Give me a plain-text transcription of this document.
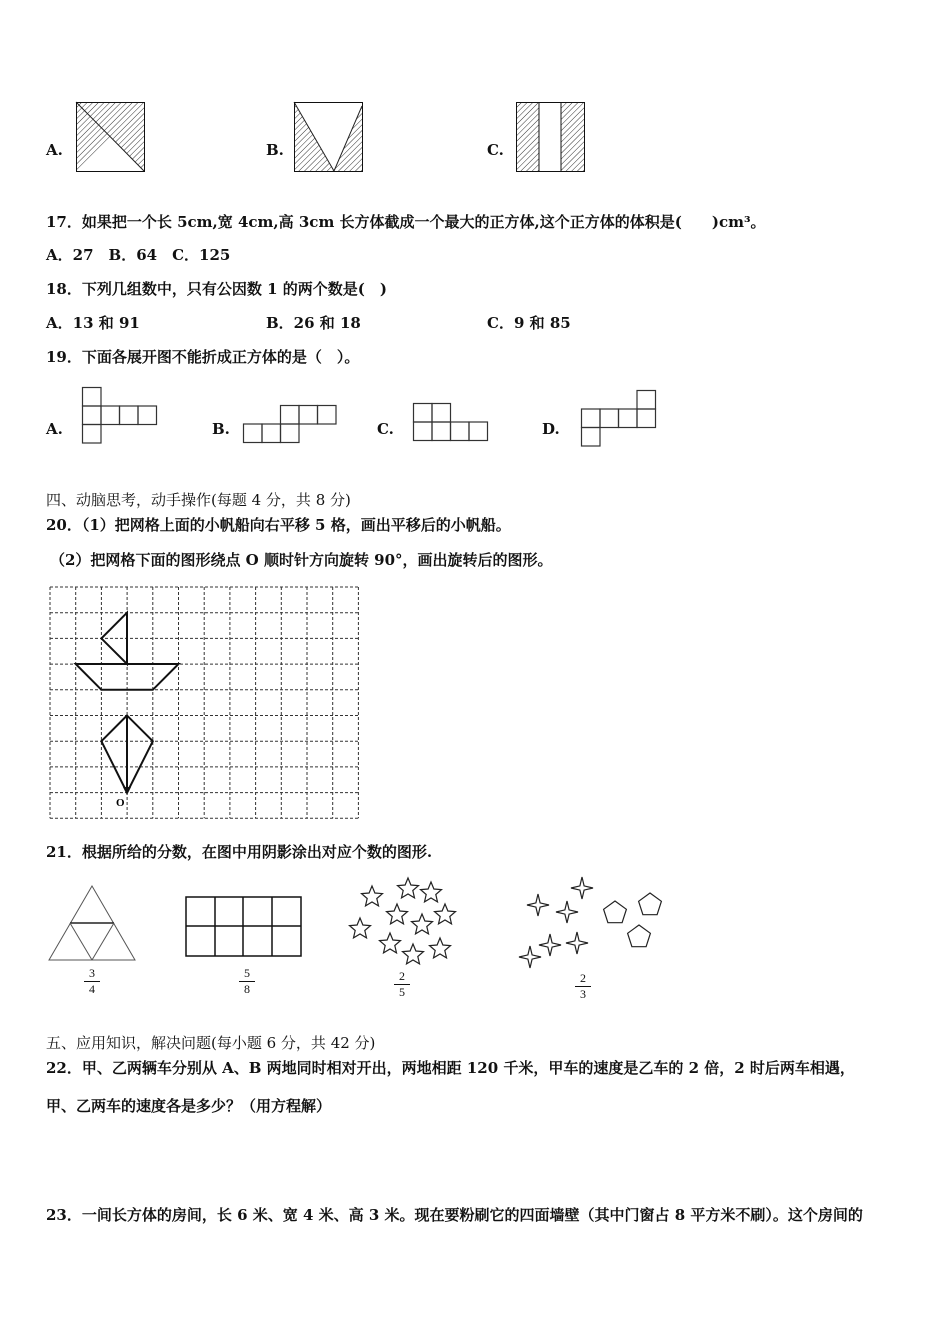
A.	B.	C.
17．如果把一个长 5cm,宽 4cm,高 3cm 长方体截成一个最大的正方体,这个正方体的体积是(　　)cm³。
A．27　B．64　C．125
18．下列几组数中，只有公因数 1 的两个数是(　)
A．13 和 91	B．26 和 18	C．9 和 85
19．下面各展开图不能折成正方体的是（　）。
A.	B.	C.	D.
四、动脑思考，动手操作(每题 4 分，共 8 分)
20．（1）把网格上面的小帆船向右平移 5 格，画出平移后的小帆船。
（2）把网格下面的图形绕点 O 顺时针方向旋转 90°，画出旋转后的图形。
O
21．根据所给的分数，在图中用阴影涂出对应个数的图形.
3
4
5
8
2
5
2
3
五、应用知识，解决问题(每小题 6 分，共 42 分)
22．甲、乙两辆车分别从 A、B 两地同时相对开出，两地相距 120 千米，甲车的速度是乙车的 2 倍，2 时后两车相遇，
甲、乙两车的速度各是多少？（用方程解）
23．一间长方体的房间，长 6 米、宽 4 米、高 3 米。现在要粉刷它的四面墙壁（其中门窗占 8 平方米不刷）。这个房间的
